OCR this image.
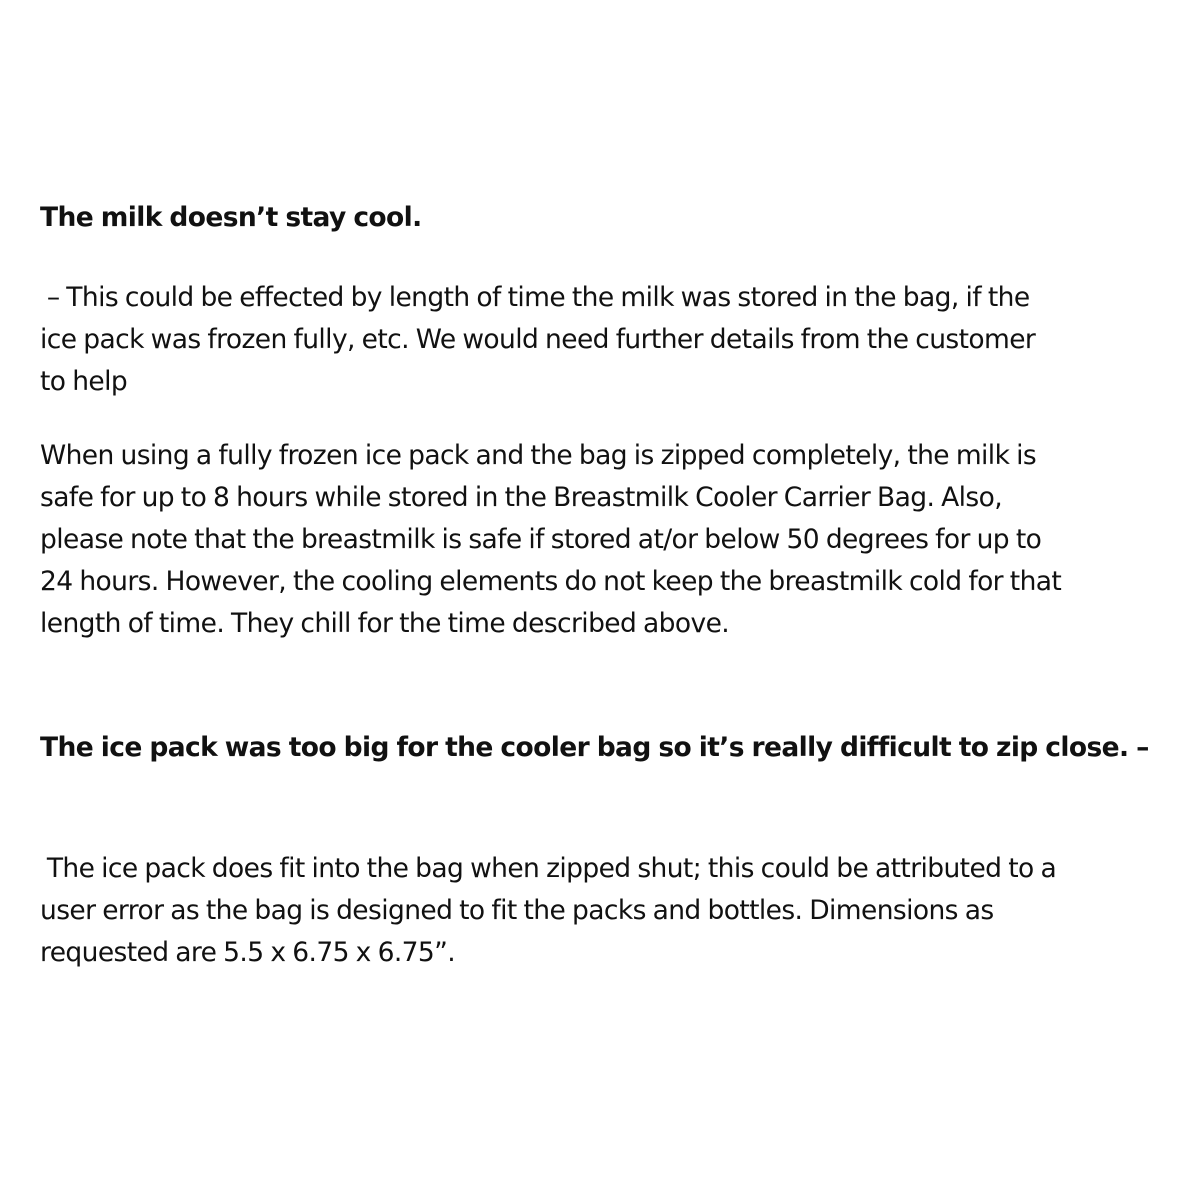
The milk doesn’t stay cool.
– This could be effected by length of time the milk was stored in the bag, if the
ice pack was frozen fully, etc. We would need further details from the customer
to help
When using a fully frozen ice pack and the bag is zipped completely, the milk is
safe for up to 8 hours while stored in the Breastmilk Cooler Carrier Bag. Also,
please note that the breastmilk is safe if stored at/or below 50 degrees for up to
24 hours. However, the cooling elements do not keep the breastmilk cold for that
length of time. They chill for the time described above.
The ice pack was too big for the cooler bag so it’s really difficult to zip close. –
The ice pack does fit into the bag when zipped shut; this could be attributed to a
user error as the bag is designed to fit the packs and bottles. Dimensions as
requested are 5.5 x 6.75 x 6.75”.
